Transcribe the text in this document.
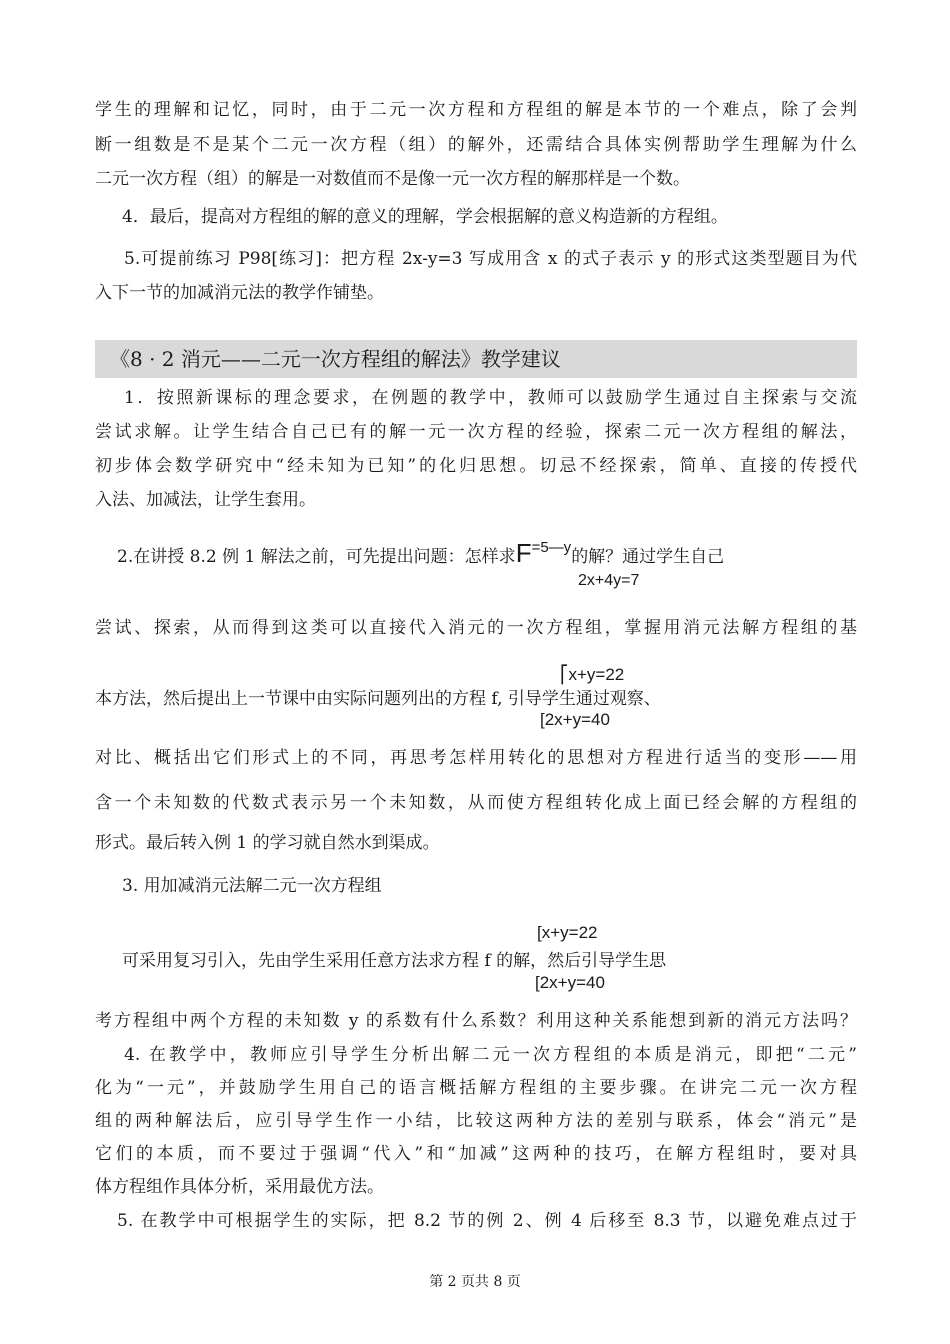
学生的理解和记忆，同时，由于二元一次方程和方程组的解是本节的一个难点，除了会判
断一组数是不是某个二元一次方程（组）的解外，还需结合具体实例帮助学生理解为什么
二元一次方程（组）的解是一对数值而不是像一元一次方程的解那样是一个数。
4．最后，提高对方程组的解的意义的理解，学会根据解的意义构造新的方程组。
5.可提前练习 P98[练习]：把方程 2x-y=3 写成用含 x 的式子表示 y 的形式这类型题目为代
入下一节的加减消元法的教学作铺垫。
《8 · 2 消元——二元一次方程组的解法》教学建议
1．按照新课标的理念要求，在例题的教学中，教师可以鼓励学生通过自主探索与交流
尝试求解。让学生结合自己已有的解一元一次方程的经验，探索二元一次方程组的解法，
初步体会数学研究中“经未知为已知”的化归思想。切忌不经探索，简单、直接的传授代
入法、加减法，让学生套用。
2.在讲授 8.2 例 1 解法之前，可先提出问题：怎样求F=5—y的解？通过学生自己
2x+4y=7
尝试、探索，从而得到这类可以直接代入消元的一次方程组，掌握用消元法解方程组的基
⎡x+y=22
本方法，然后提出上一节课中由实际问题列出的方程 f, 引导学生通过观察、
[2x+y=40
对比、概括出它们形式上的不同，再思考怎样用转化的思想对方程进行适当的变形——用
含一个未知数的代数式表示另一个未知数，从而使方程组转化成上面已经会解的方程组的
形式。最后转入例 1 的学习就自然水到渠成。
3. 用加减消元法解二元一次方程组
[x+y=22
可采用复习引入，先由学生采用任意方法求方程 f 的解，然后引导学生思
[2x+y=40
考方程组中两个方程的未知数 y 的系数有什么系数？利用这种关系能想到新的消元方法吗？
4. 在教学中，教师应引导学生分析出解二元一次方程组的本质是消元，即把“二元”
化为“一元”，并鼓励学生用自己的语言概括解方程组的主要步骤。在讲完二元一次方程
组的两种解法后，应引导学生作一小结，比较这两种方法的差别与联系，体会“消元”是
它们的本质，而不要过于强调“代入”和“加减”这两种的技巧，在解方程组时，要对具
体方程组作具体分析，采用最优方法。
5. 在教学中可根据学生的实际，把 8.2 节的例 2、例 4 后移至 8.3 节，以避免难点过于
第 2 页共 8 页
